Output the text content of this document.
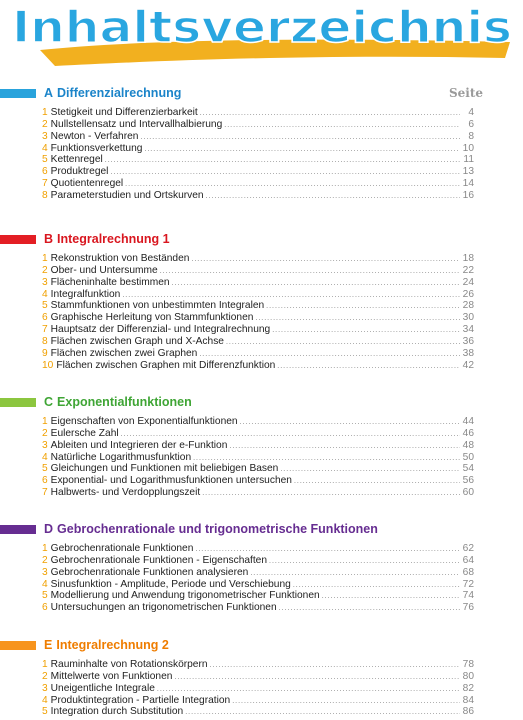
Inhaltsverzeichnis
Seite
A Differenzialrechnung
1 Stetigkeit und Differenzierbarkeit .....	4
2 Nullstellensatz und Intervallhalbierung .....	6
3 Newton - Verfahren .....	8
4 Funktionsverkettung .....	10
5 Kettenregel .....	11
6 Produktregel .....	13
7 Quotientenregel .....	14
8 Parameterstudien und Ortskurven .....	16
B Integralrechnung 1
1 Rekonstruktion von Beständen .....	18
2 Ober- und Untersumme .....	22
3 Flächeninhalte bestimmen .....	24
4 Integralfunktion .....	26
5 Stammfunktionen von unbestimmten Integralen .....	28
6 Graphische Herleitung von Stammfunktionen .....	30
7 Hauptsatz der Differenzial- und Integralrechnung .....	34
8 Flächen zwischen Graph und X-Achse .....	36
9 Flächen zwischen zwei Graphen .....	38
10 Flächen zwischen Graphen mit Differenzfunktion .....	42
C Exponentialfunktionen
1 Eigenschaften von Exponentialfunktionen .....	44
2 Eulersche Zahl .....	46
3 Ableiten und Integrieren der e-Funktion .....	48
4 Natürliche Logarithmusfunktion .....	50
5 Gleichungen und Funktionen mit beliebigen Basen .....	54
6 Exponential- und Logarithmusfunktionen untersuchen .....	56
7 Halbwerts- und Verdopplungszeit .....	60
D Gebrochenrationale und trigonometrische Funktionen
1 Gebrochenrationale Funktionen .....	62
2 Gebrochenrationale Funktionen - Eigenschaften .....	64
3 Gebrochenrationale Funktionen analysieren .....	68
4 Sinusfunktion - Amplitude, Periode und Verschiebung .....	72
5 Modellierung und Anwendung trigonometrischer Funktionen .....	74
6 Untersuchungen an trigonometrischen Funktionen .....	76
E Integralrechnung 2
1 Rauminhalte von Rotationskörpern .....	78
2 Mittelwerte von Funktionen .....	80
3 Uneigentliche Integrale .....	82
4 Produktintegration - Partielle Integration .....	84
5 Integration durch Substitution .....	86
